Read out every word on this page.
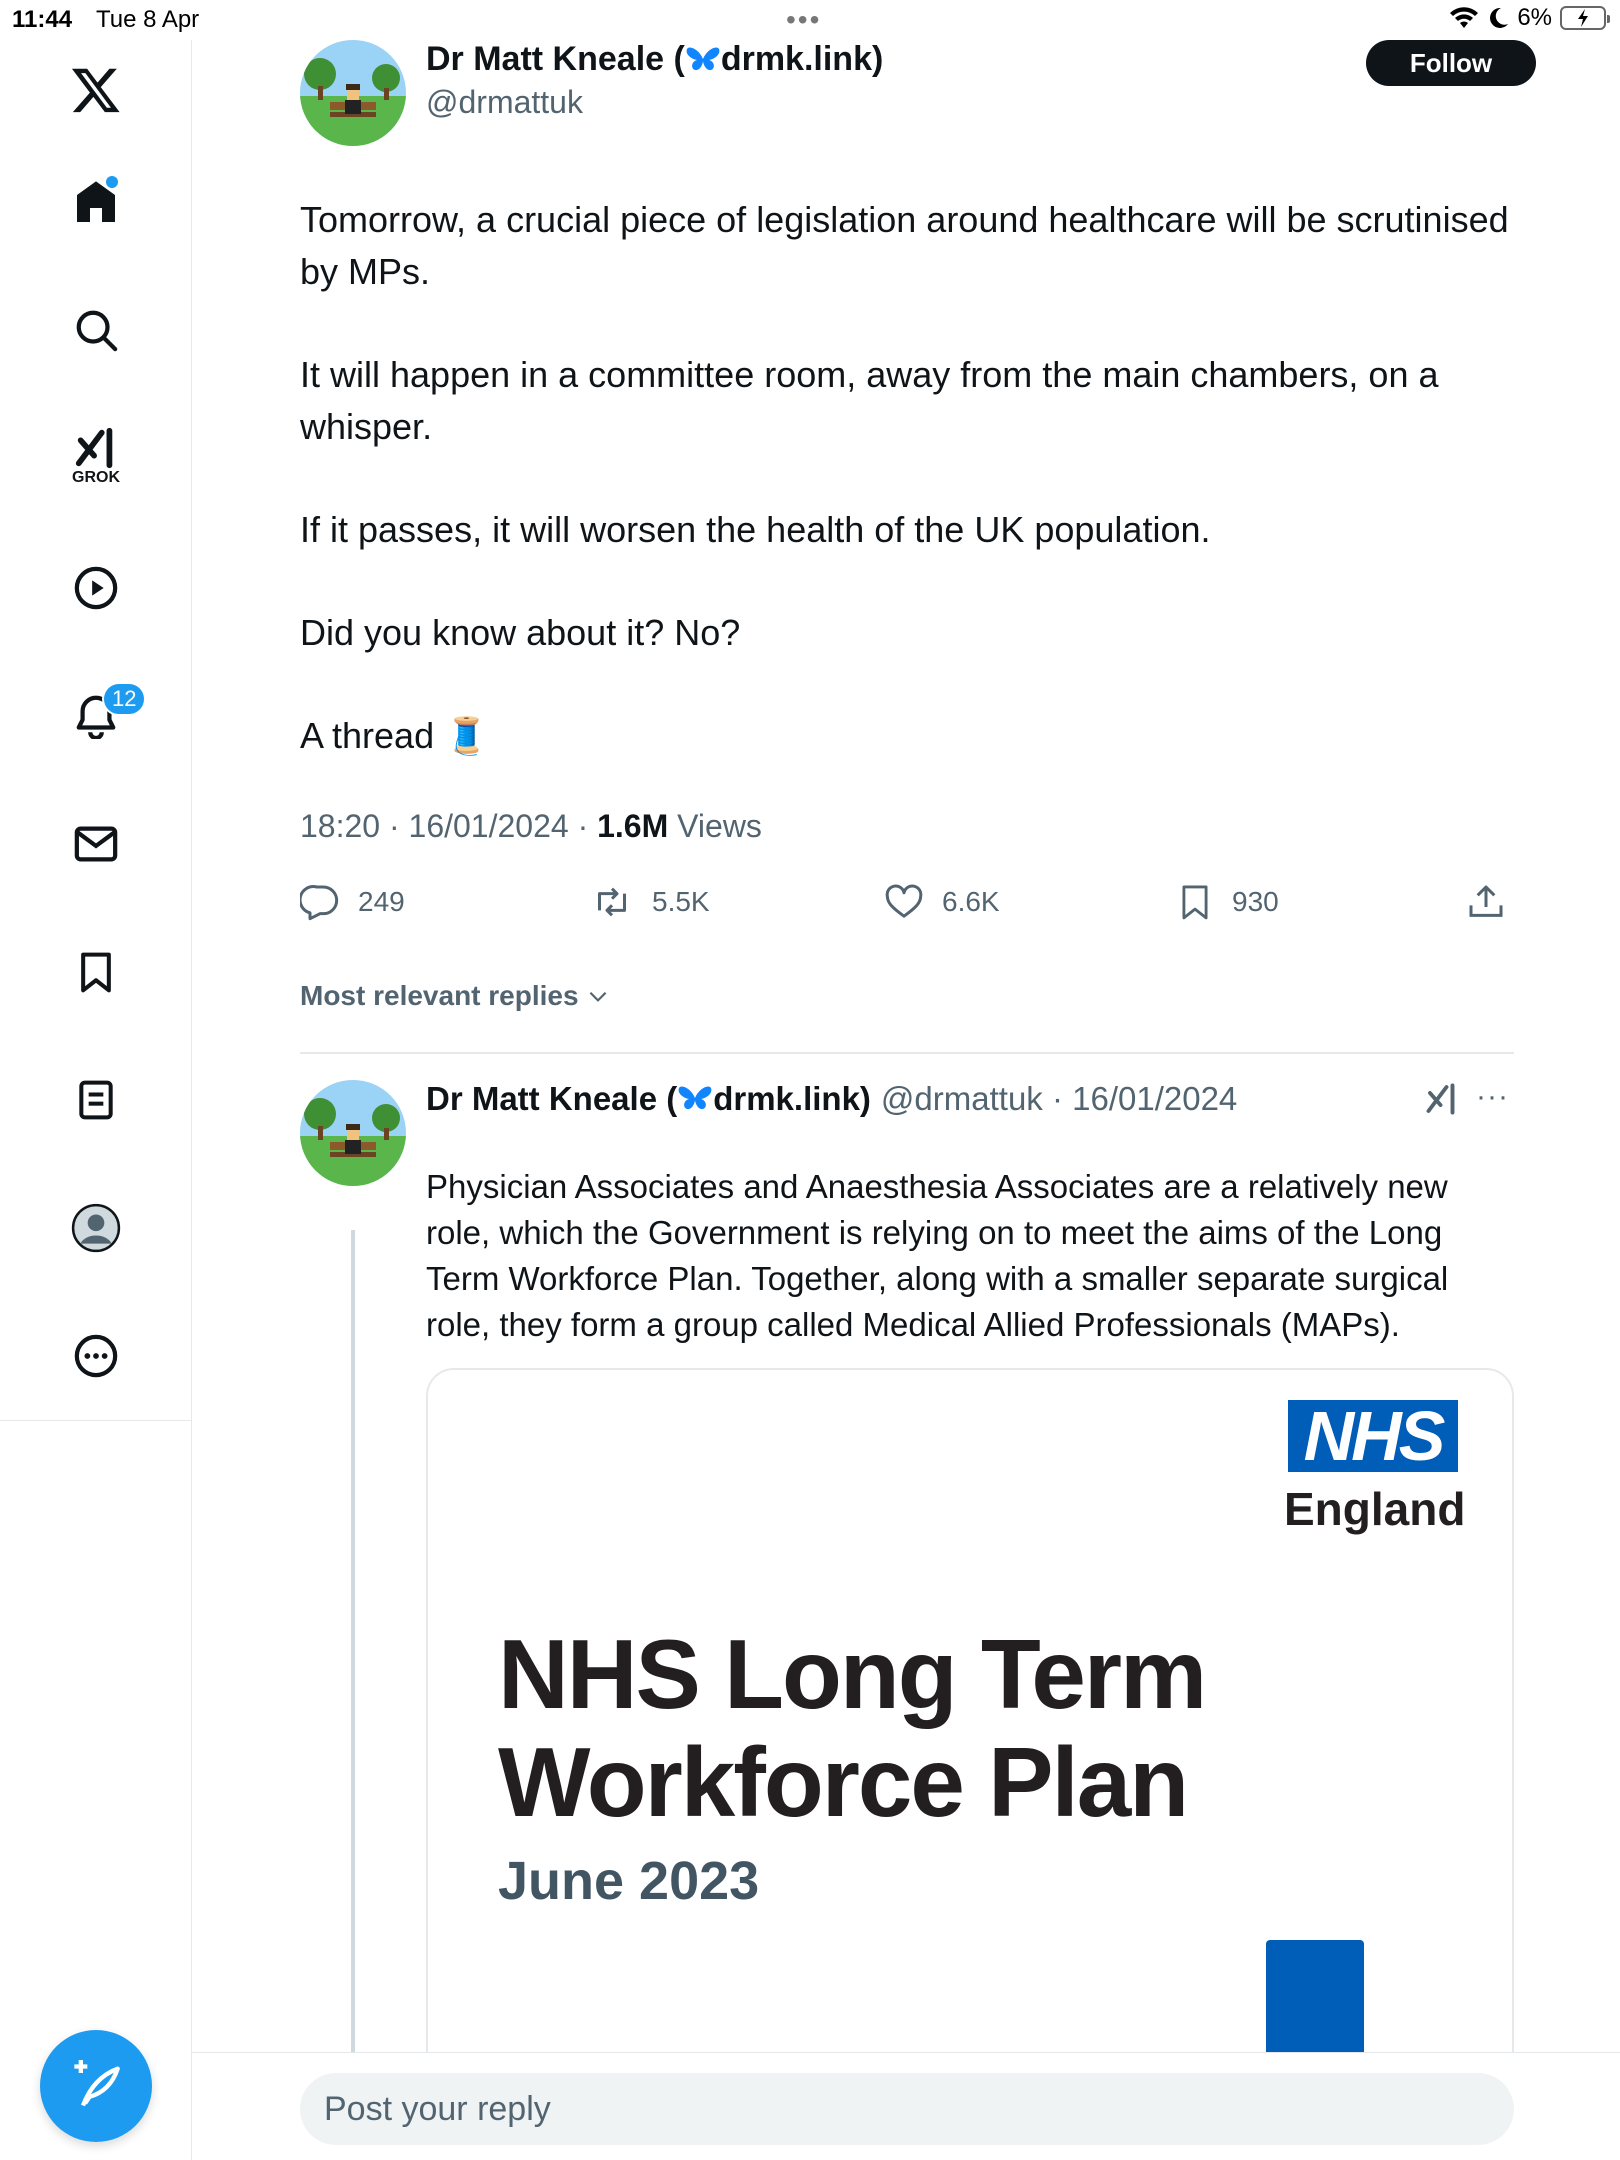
11:44 Tue 8 Apr	•••	6%
GROK
12
Dr Matt Kneale ( drmk.link)
@drmattuk
Follow

Tomorrow, a crucial piece of legislation around healthcare will be scrutinised by MPs.

It will happen in a committee room, away from the main chambers, on a whisper.

If it passes, it will worsen the health of the UK population.

Did you know about it? No?

A thread 🧵

18:20 · 16/01/2024 · 1.6M Views
249	5.5K	6.6K	930
Most relevant replies
Dr Matt Kneale ( drmk.link) @drmattuk · 16/01/2024	···
Physician Associates and Anaesthesia Associates are a relatively new role, which the Government is relying on to meet the aims of the Long Term Workforce Plan. Together, along with a smaller separate surgical role, they form a group called Medical Allied Professionals (MAPs).
NHS
England
NHS Long Term
Workforce Plan
June 2023
Post your reply
